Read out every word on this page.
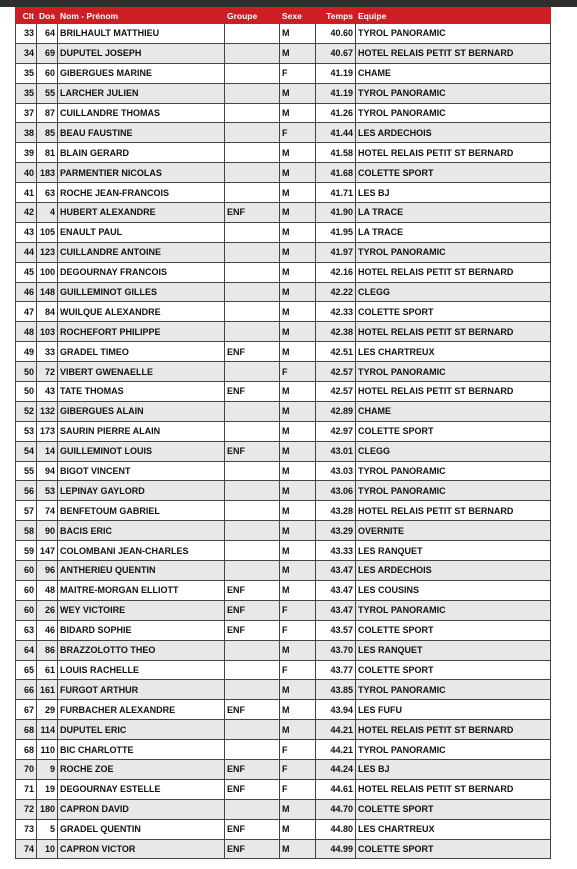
Clt	Dos	Nom - Prénom	Groupe	Sexe	Temps	Equipe
33	64	BRILHAULT MATTHIEU		M	40.60	TYROL PANORAMIC
34	69	DUPUTEL JOSEPH		M	40.67	HOTEL RELAIS PETIT ST BERNARD
35	60	GIBERGUES MARINE		F	41.19	CHAME
35	55	LARCHER JULIEN		M	41.19	TYROL PANORAMIC
37	87	CUILLANDRE THOMAS		M	41.26	TYROL PANORAMIC
38	85	BEAU FAUSTINE		F	41.44	LES ARDECHOIS
39	81	BLAIN GERARD		M	41.58	HOTEL RELAIS PETIT ST BERNARD
40	183	PARMENTIER NICOLAS		M	41.68	COLETTE SPORT
41	63	ROCHE JEAN-FRANCOIS		M	41.71	LES BJ
42	4	HUBERT ALEXANDRE	ENF	M	41.90	LA TRACE
43	105	ENAULT PAUL		M	41.95	LA TRACE
44	123	CUILLANDRE ANTOINE		M	41.97	TYROL PANORAMIC
45	100	DEGOURNAY FRANCOIS		M	42.16	HOTEL RELAIS PETIT ST BERNARD
46	148	GUILLEMINOT GILLES		M	42.22	CLEGG
47	84	WUILQUE ALEXANDRE		M	42.33	COLETTE SPORT
48	103	ROCHEFORT PHILIPPE		M	42.38	HOTEL RELAIS PETIT ST BERNARD
49	33	GRADEL TIMEO	ENF	M	42.51	LES CHARTREUX
50	72	VIBERT GWENAELLE		F	42.57	TYROL PANORAMIC
50	43	TATE THOMAS	ENF	M	42.57	HOTEL RELAIS PETIT ST BERNARD
52	132	GIBERGUES ALAIN		M	42.89	CHAME
53	173	SAURIN PIERRE ALAIN		M	42.97	COLETTE SPORT
54	14	GUILLEMINOT LOUIS	ENF	M	43.01	CLEGG
55	94	BIGOT VINCENT		M	43.03	TYROL PANORAMIC
56	53	LEPINAY GAYLORD		M	43.06	TYROL PANORAMIC
57	74	BENFETOUM GABRIEL		M	43.28	HOTEL RELAIS PETIT ST BERNARD
58	90	BACIS ERIC		M	43.29	OVERNITE
59	147	COLOMBANI JEAN-CHARLES		M	43.33	LES RANQUET
60	96	ANTHERIEU QUENTIN		M	43.47	LES ARDECHOIS
60	48	MAITRE-MORGAN ELLIOTT	ENF	M	43.47	LES COUSINS
60	26	WEY VICTOIRE	ENF	F	43.47	TYROL PANORAMIC
63	46	BIDARD SOPHIE	ENF	F	43.57	COLETTE SPORT
64	86	BRAZZOLOTTO THEO		M	43.70	LES RANQUET
65	61	LOUIS RACHELLE		F	43.77	COLETTE SPORT
66	161	FURGOT ARTHUR		M	43.85	TYROL PANORAMIC
67	29	FURBACHER ALEXANDRE	ENF	M	43.94	LES FUFU
68	114	DUPUTEL ERIC		M	44.21	HOTEL RELAIS PETIT ST BERNARD
68	110	BIC CHARLOTTE		F	44.21	TYROL PANORAMIC
70	9	ROCHE ZOE	ENF	F	44.24	LES BJ
71	19	DEGOURNAY ESTELLE	ENF	F	44.61	HOTEL RELAIS PETIT ST BERNARD
72	180	CAPRON DAVID		M	44.70	COLETTE SPORT
73	5	GRADEL QUENTIN	ENF	M	44.80	LES CHARTREUX
74	10	CAPRON VICTOR	ENF	M	44.99	COLETTE SPORT
